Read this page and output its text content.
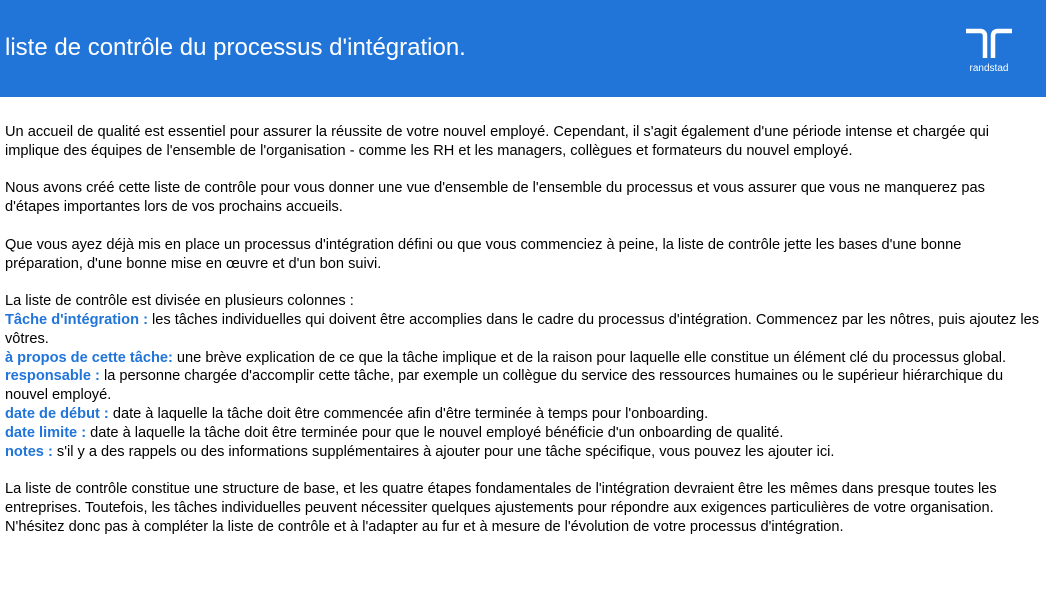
liste de contrôle du processus d'intégration.
randstad

Un accueil de qualité est essentiel pour assurer la réussite de votre nouvel employé. Cependant, il s'agit également d'une période intense et chargée qui implique des équipes de l'ensemble de l'organisation - comme les RH et les managers, collègues et formateurs du nouvel employé.

Nous avons créé cette liste de contrôle pour vous donner une vue d'ensemble de l'ensemble du processus et vous assurer que vous ne manquerez pas d'étapes importantes lors de vos prochains accueils.

Que vous ayez déjà mis en place un processus d'intégration défini ou que vous commenciez à peine, la liste de contrôle jette les bases d'une bonne préparation, d'une bonne mise en œuvre et d'un bon suivi.

La liste de contrôle est divisée en plusieurs colonnes :

Tâche d'intégration : les tâches individuelles qui doivent être accomplies dans le cadre du processus d'intégration. Commencez par les nôtres, puis ajoutez les vôtres.

à propos de cette tâche: une brève explication de ce que la tâche implique et de la raison pour laquelle elle constitue un élément clé du processus global.

responsable : la personne chargée d'accomplir cette tâche, par exemple un collègue du service des ressources humaines ou le supérieur hiérarchique du nouvel employé.

date de début : date à laquelle la tâche doit être commencée afin d'être terminée à temps pour l'onboarding.

date limite : date à laquelle la tâche doit être terminée pour que le nouvel employé bénéficie d'un onboarding de qualité.

notes : s'il y a des rappels ou des informations supplémentaires à ajouter pour une tâche spécifique, vous pouvez les ajouter ici.

La liste de contrôle constitue une structure de base, et les quatre étapes fondamentales de l'intégration devraient être les mêmes dans presque toutes les entreprises. Toutefois, les tâches individuelles peuvent nécessiter quelques ajustements pour répondre aux exigences particulières de votre organisation. N'hésitez donc pas à compléter la liste de contrôle et à l'adapter au fur et à mesure de l'évolution de votre processus d'intégration.
